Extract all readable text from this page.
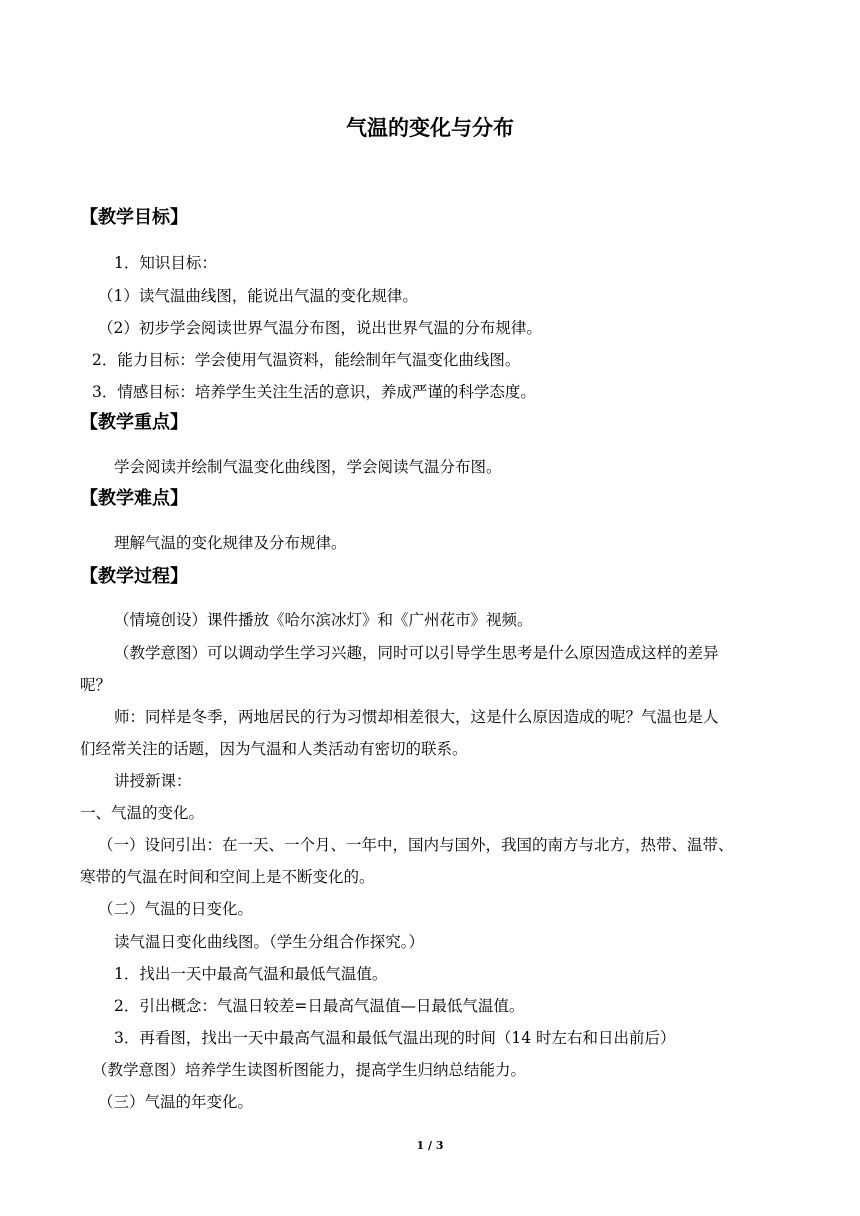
气温的变化与分布
【教学目标】
1．知识目标：
（1）读气温曲线图，能说出气温的变化规律。
（2）初步学会阅读世界气温分布图，说出世界气温的分布规律。
2．能力目标：学会使用气温资料，能绘制年气温变化曲线图。
3．情感目标：培养学生关注生活的意识，养成严谨的科学态度。
【教学重点】
学会阅读并绘制气温变化曲线图，学会阅读气温分布图。
【教学难点】
理解气温的变化规律及分布规律。
【教学过程】
（情境创设）课件播放《哈尔滨冰灯》和《广州花市》视频。
（教学意图）可以调动学生学习兴趣，同时可以引导学生思考是什么原因造成这样的差异
呢？
师：同样是冬季，两地居民的行为习惯却相差很大，这是什么原因造成的呢？气温也是人
们经常关注的话题，因为气温和人类活动有密切的联系。
讲授新课：
一、气温的变化。
（一）设问引出：在一天、一个月、一年中，国内与国外，我国的南方与北方，热带、温带、
寒带的气温在时间和空间上是不断变化的。
（二）气温的日变化。
读气温日变化曲线图。（学生分组合作探究。）
1．找出一天中最高气温和最低气温值。
2．引出概念：气温日较差=日最高气温值—日最低气温值。
3．再看图，找出一天中最高气温和最低气温出现的时间（14 时左右和日出前后）
（教学意图）培养学生读图析图能力，提高学生归纳总结能力。
（三）气温的年变化。
1 / 3
